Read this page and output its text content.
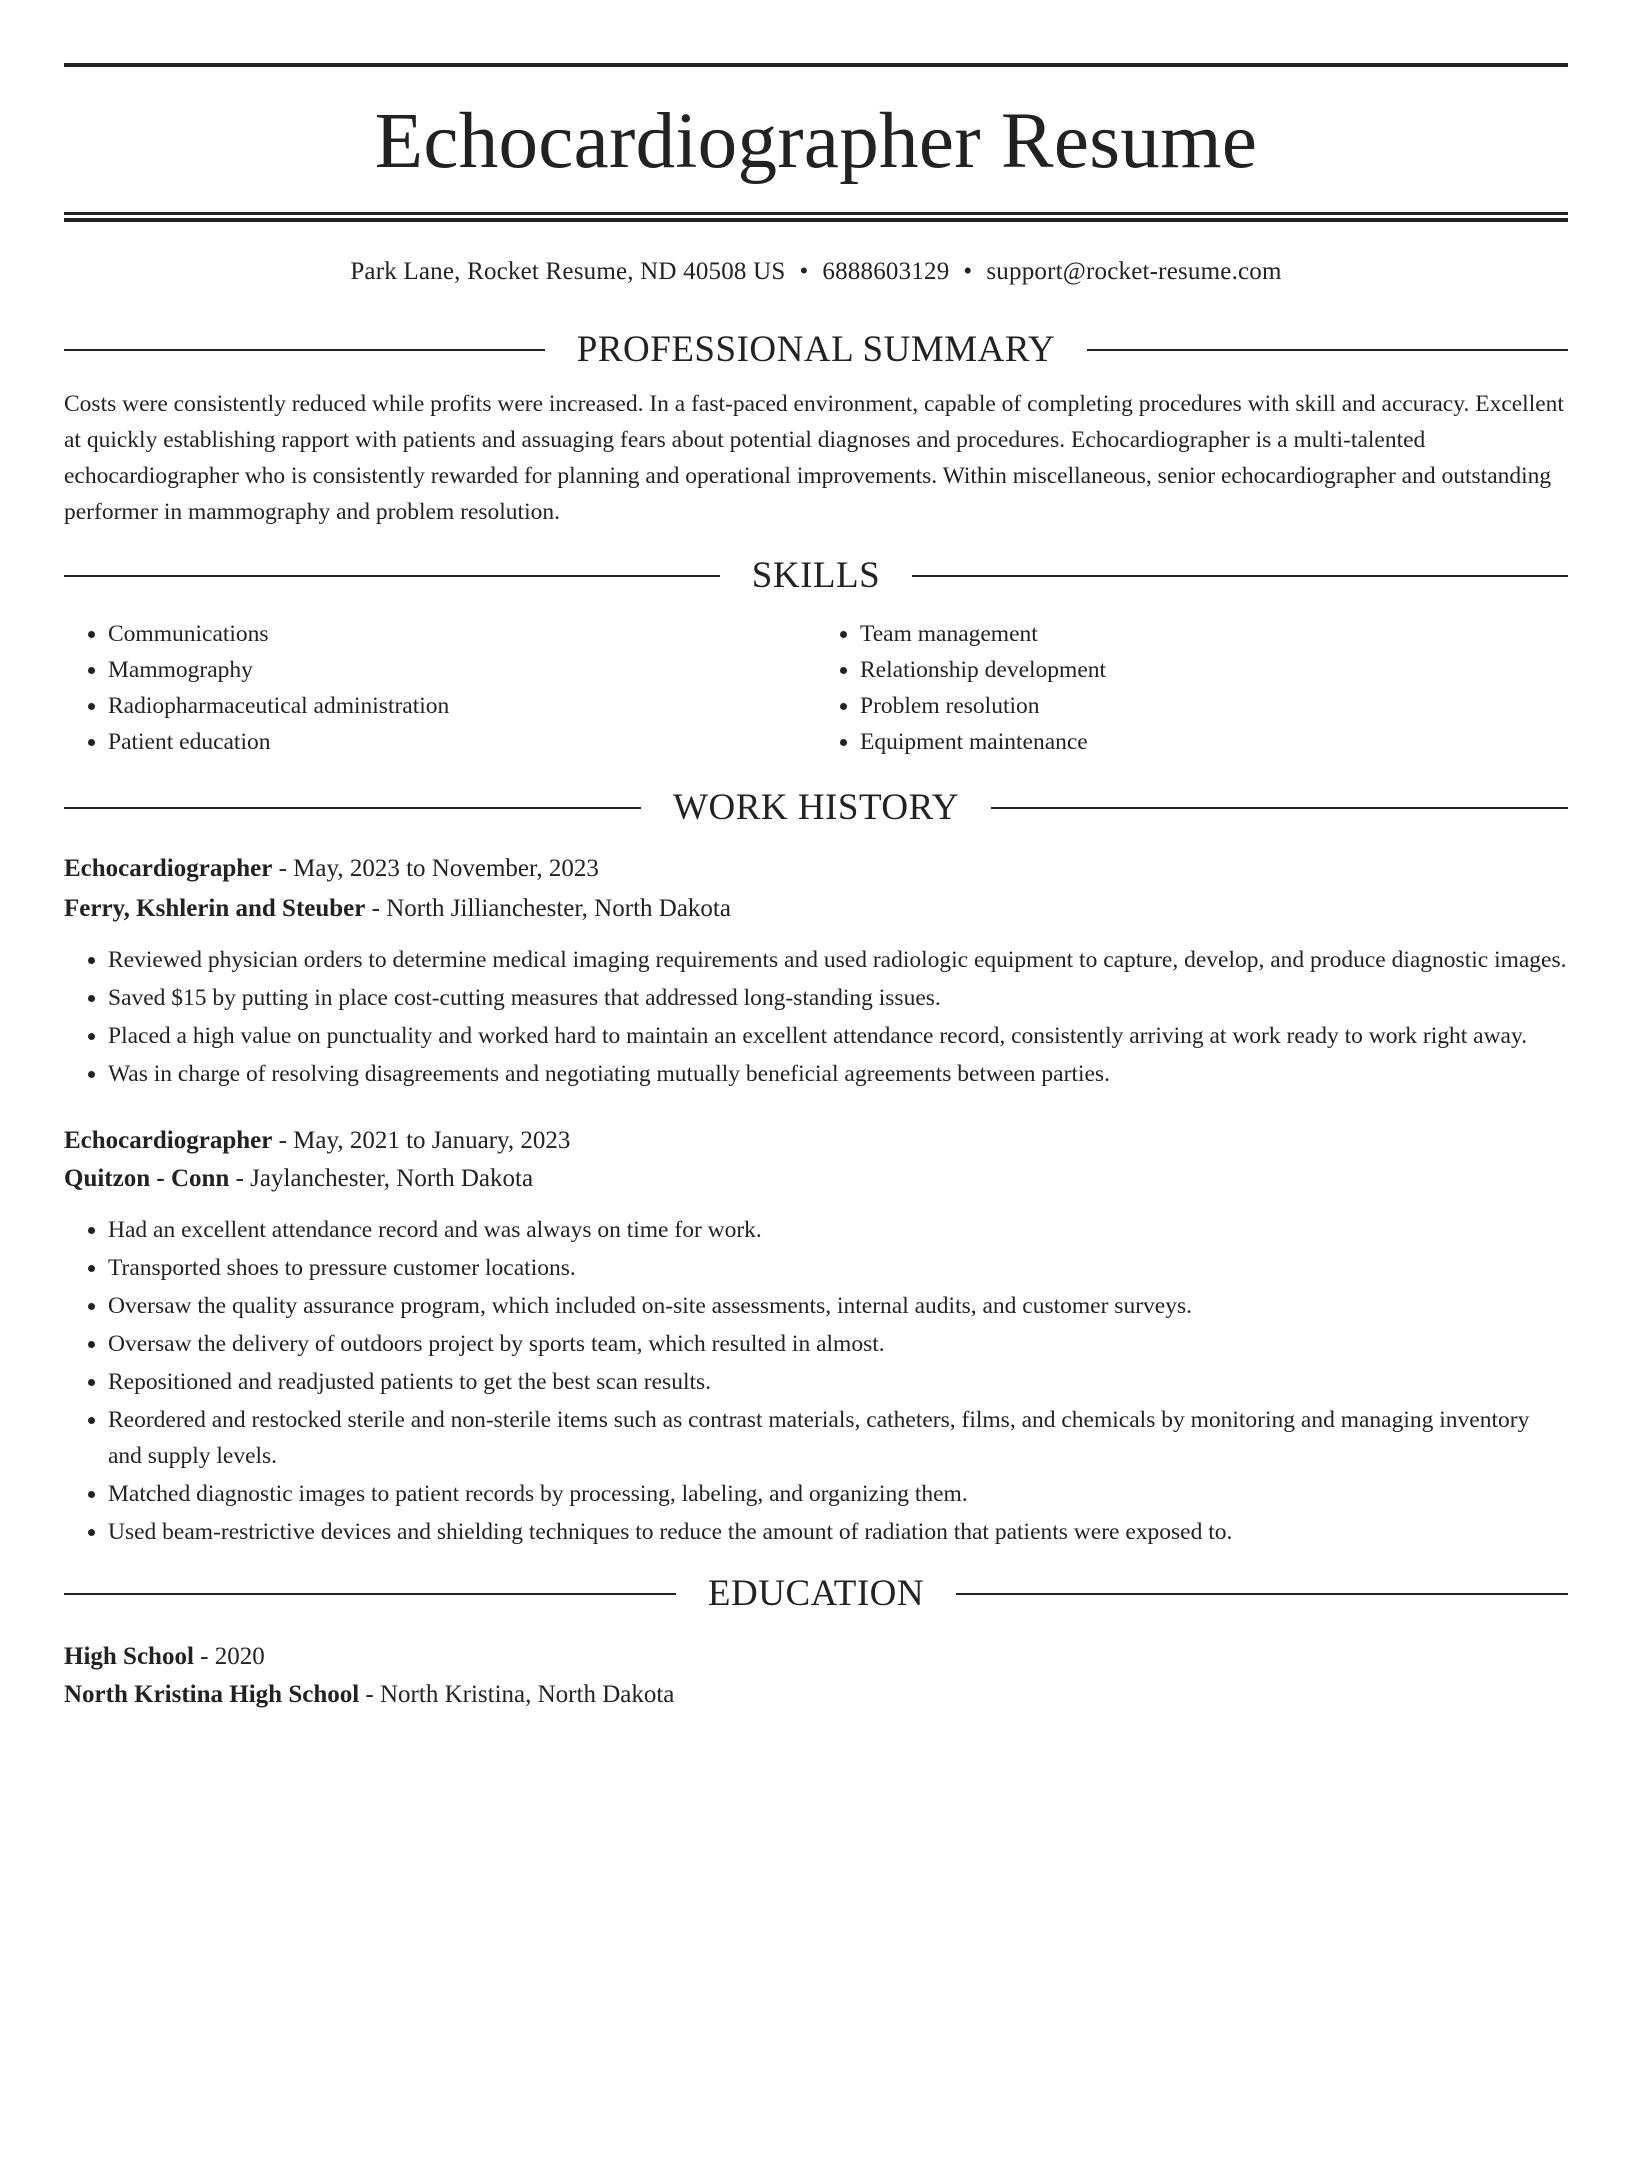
Echocardiographer Resume
Park Lane, Rocket Resume, ND 40508 US • 6888603129 • support@rocket-resume.com
PROFESSIONAL SUMMARY

Costs were consistently reduced while profits were increased. In a fast-paced environment, capable of completing procedures with skill and accuracy. Excellent at quickly establishing rapport with patients and assuaging fears about potential diagnoses and procedures. Echocardiographer is a multi-talented echocardiographer who is consistently rewarded for planning and operational improvements. Within miscellaneous, senior echocardiographer and outstanding performer in mammography and problem resolution.

SKILLS
• Communications
• Mammography
• Radiopharmaceutical administration
• Patient education
• Team management
• Relationship development
• Problem resolution
• Equipment maintenance
WORK HISTORY
Echocardiographer - May, 2023 to November, 2023
Ferry, Kshlerin and Steuber - North Jillianchester, North Dakota
• Reviewed physician orders to determine medical imaging requirements and used radiologic equipment to capture, develop, and produce diagnostic images.
• Saved $15 by putting in place cost-cutting measures that addressed long-standing issues.
• Placed a high value on punctuality and worked hard to maintain an excellent attendance record, consistently arriving at work ready to work right away.
• Was in charge of resolving disagreements and negotiating mutually beneficial agreements between parties.
Echocardiographer - May, 2021 to January, 2023
Quitzon - Conn - Jaylanchester, North Dakota
• Had an excellent attendance record and was always on time for work.
• Transported shoes to pressure customer locations.
• Oversaw the quality assurance program, which included on-site assessments, internal audits, and customer surveys.
• Oversaw the delivery of outdoors project by sports team, which resulted in almost.
• Repositioned and readjusted patients to get the best scan results.
• Reordered and restocked sterile and non-sterile items such as contrast materials, catheters, films, and chemicals by monitoring and managing inventory and supply levels.
• Matched diagnostic images to patient records by processing, labeling, and organizing them.
• Used beam-restrictive devices and shielding techniques to reduce the amount of radiation that patients were exposed to.
EDUCATION
High School - 2020
North Kristina High School - North Kristina, North Dakota
